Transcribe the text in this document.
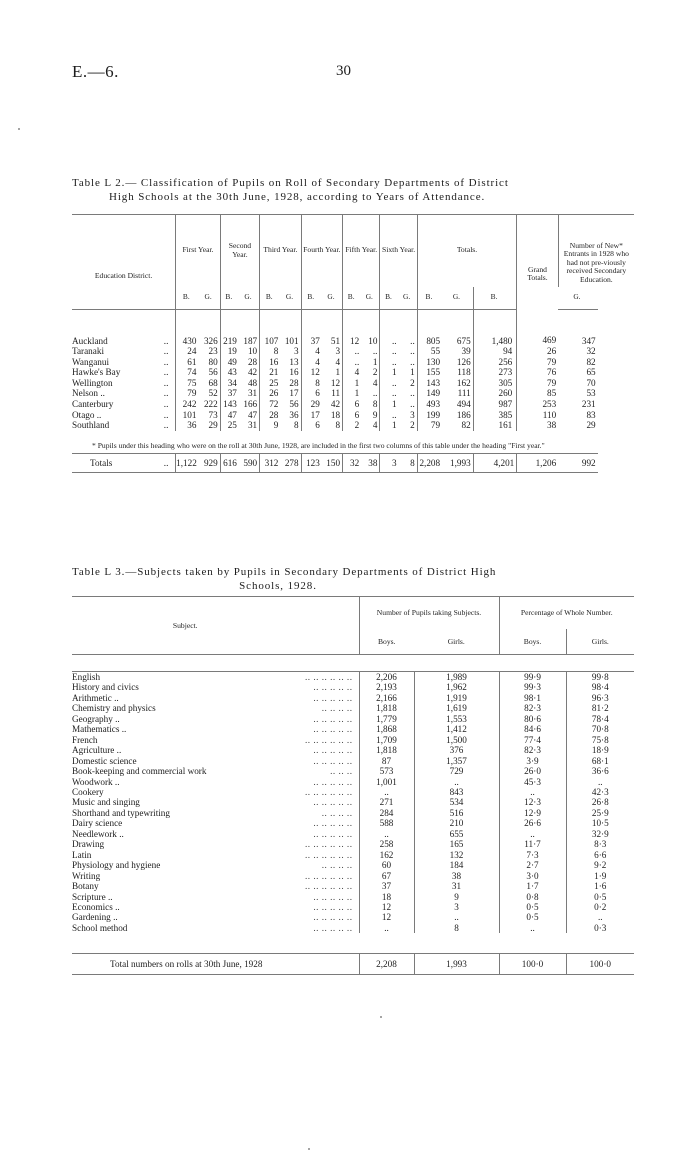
E.—6.	30
Table L 2.— Classification of Pupils on Roll of Secondary Departments of District
High Schools at the 30th June, 1928, according to Years of Attendance.
Education District.		First Year.		Second Year.		Third Year.		Fourth Year.		Fifth Year.		Sixth Year.		Totals.			Grand Totals.	Number of New* Entrants in 1928 who had not pre-viously received Secondary Education.
		B.	G.	B.	G.	B.	G.	B.	G.	B.	G.	B.	G.	B.	G.	B.		G.
Auckland	..	430	326	219	187	107	101	37	51	12	10	..	..	805	675	1,480	469	347
Taranaki	..	24	23	19	10	8	3	4	3	..	..	..	..	55	39	94	26	32
Wanganui	..	61	80	49	28	16	13	4	4	..	1	..	..	130	126	256	79	82
Hawke's Bay	..	74	56	43	42	21	16	12	1	4	2	1	1	155	118	273	76	65
Wellington	..	75	68	34	48	25	28	8	12	1	4	..	2	143	162	305	79	70
Nelson ..	..	79	52	37	31	26	17	6	11	1	..	..	..	149	111	260	85	53
Canterbury	..	242	222	143	166	72	56	29	42	6	8	1	..	493	494	987	253	231
Otago ..	..	101	73	47	47	28	36	17	18	6	9	..	3	199	186	385	110	83
Southland	..	36	29	25	31	9	8	6	8	2	4	1	2	79	82	161	38	29

Totals	..	1,122	929	616	590	312	278	123	150	32	38	3	8	2,208	1,993	4,201	1,206	992
* Pupils under this heading who were on the roll at 30th June, 1928, are included in the first two columns of this table under the heading "First year."
Table L 3.—Subjects taken by Pupils in Secondary Departments of District High
Schools, 1928.
Subject.		Number of Pupils taking Subjects.		Percentage of Whole Number.	
		Boys.	Girls.	Boys.	Girls.

English	.. .. .. .. .. ..	2,206	1,989	99·9	99·8
History and civics	.. .. .. .. ..	2,193	1,962	99·3	98·4
Arithmetic ..	.. .. .. .. ..	2,166	1,919	98·1	96·3
Chemistry and physics	.. .. .. ..	1,818	1,619	82·3	81·2
Geography ..	.. .. .. .. ..	1,779	1,553	80·6	78·4
Mathematics ..	.. .. .. .. ..	1,868	1,412	84·6	70·8
French	.. .. .. .. .. ..	1,709	1,500	77·4	75·8
Agriculture ..	.. .. .. .. ..	1,818	376	82·3	18·9
Domestic science	.. .. .. .. ..	87	1,357	3·9	68·1
Book-keeping and commercial work	.. .. ..	573	729	26·0	36·6
Woodwork ..	.. .. .. .. ..	1,001	..	45·3	..
Cookery	.. .. .. .. .. ..	..	843	..	42·3
Music and singing	.. .. .. .. ..	271	534	12·3	26·8
Shorthand and typewriting	.. .. .. ..	284	516	12·9	25·9
Dairy science	.. .. .. .. ..	588	210	26·6	10·5
Needlework ..	.. .. .. .. ..	..	655	..	32·9
Drawing	.. .. .. .. .. ..	258	165	11·7	8·3
Latin	.. .. .. .. .. ..	162	132	7·3	6·6
Physiology and hygiene	.. .. .. ..	60	184	2·7	9·2
Writing	.. .. .. .. .. ..	67	38	3·0	1·9
Botany	.. .. .. .. .. ..	37	31	1·7	1·6
Scripture ..	.. .. .. .. ..	18	9	0·8	0·5
Economics ..	.. .. .. .. ..	12	3	0·5	0·2
Gardening ..	.. .. .. .. ..	12	..	0·5	..
School method	.. .. .. .. ..	..	8	..	0·3

Total numbers on rolls at 30th June, 1928		2,208	1,993	100·0	100·0
